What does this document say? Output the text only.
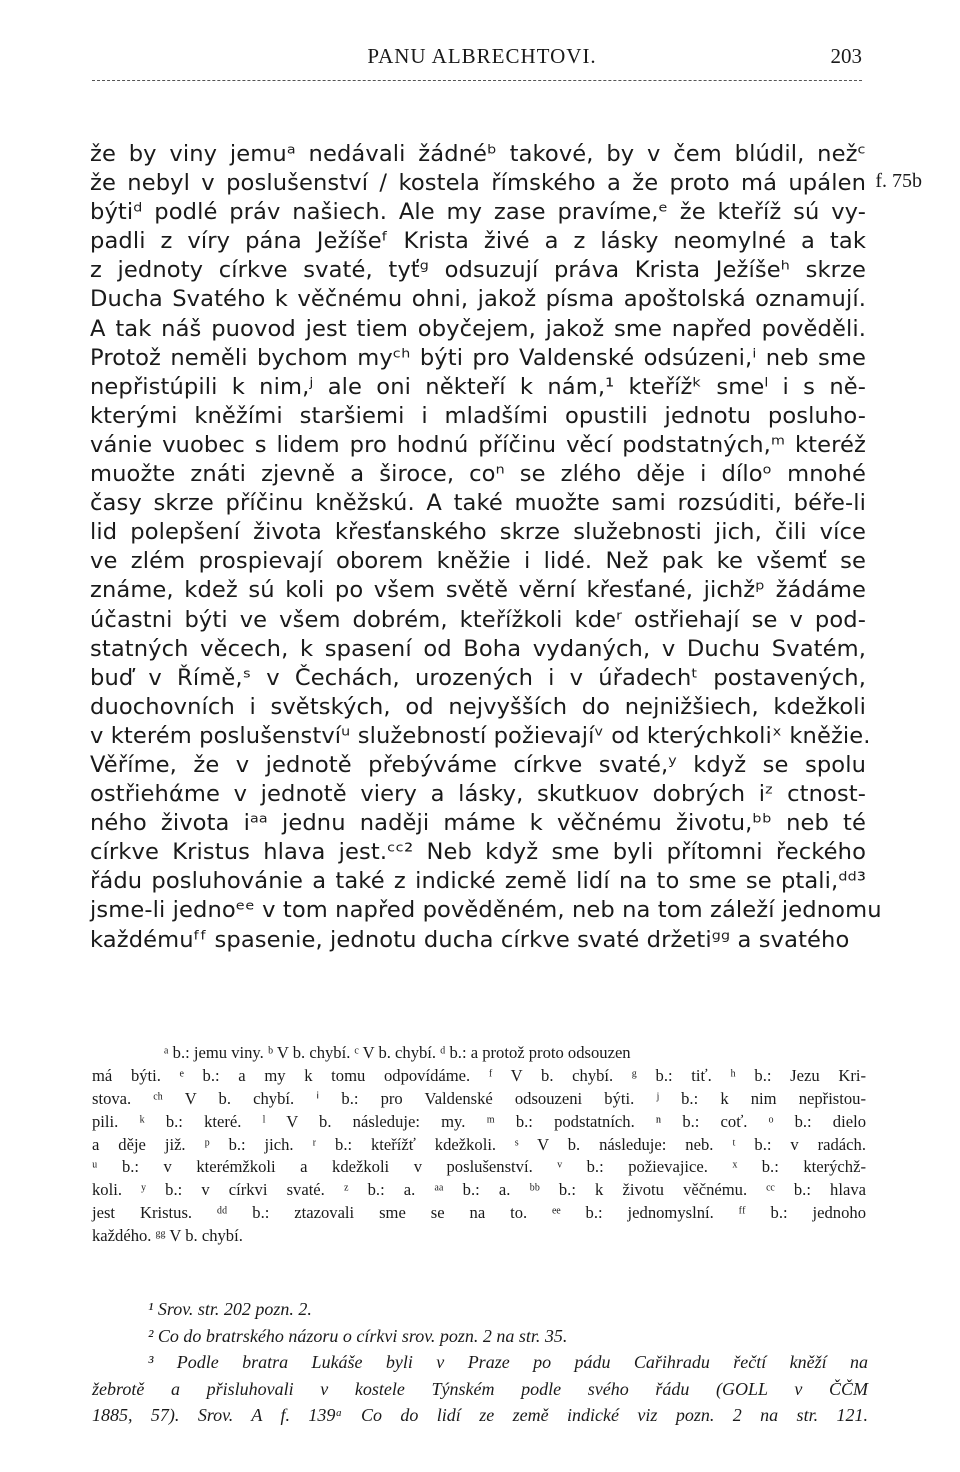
PANU ALBRECHTOVI.	203
f. 75b
že by viny jemuᵃ nedávali žádnéᵇ takové, by v čem blúdil, nežᶜ
že nebyl v poslušenství / kostela římského a že proto má upálen
býtiᵈ podlé práv našiech. Ale my zase pravíme,ᵉ že kteříž sú vy-
padli z víry pána Ježíšeᶠ Krista živé a z lásky neomylné a tak
z jednoty církve svaté, tyťᵍ odsuzují práva Krista Ježíšeʰ skrze
Ducha Svatého k věčnému ohni, jakož písma apoštolská oznamují.
A tak náš puovod jest tiem obyčejem, jakož sme napřed pověděli.
Protož neměli bychom myᶜʰ býti pro Valdenské odsúzeni,ⁱ neb sme
nepřistúpili k nim,ʲ ale oni někteří k nám,¹ kteřížᵏ smeˡ i s ně-
kterými kněžími staršiemi i mladšími opustili jednotu posluho-
vánie vuobec s lidem pro hodnú příčinu věcí podstatných,ᵐ kteréž
muožte znáti zjevně a široce, coⁿ se zlého děje i díloᵒ mnohé
časy skrze příčinu kněžskú. A také muožte sami rozsúditi, béře-li
lid polepšení života křesťanského skrze služebnosti jich, čili více
ve zlém prospievají oborem kněžie i lidé. Než pak ke všemť se
známe, kdež sú koli po všem světě věrní křesťané, jichžᵖ žádáme
účastni býti ve všem dobrém, kteřížkoli kdeʳ ostřiehají se v pod-
statných věcech, k spasení od Boha vydaných, v Duchu Svatém,
buď v Římě,ˢ v Čechách, urozených i v úřadechᵗ postavených,
duochovních i světských, od nejvyšších do nejnižšiech, kdežkoli
v kterém poslušenstvíᵘ služebností požievajíᵛ od kterýchkoliˣ kněžie.
Věříme, že v jednotě přebýváme církve svaté,ʸ když se spolu
ostřiehάme v jednotě viery a lásky, skutkuov dobrých iᶻ ctnost-
ného života iᵃᵃ jednu naději máme k věčnému životu,ᵇᵇ neb té
církve Kristus hlava jest.ᶜᶜ² Neb když sme byli přítomni řeckého
řádu posluhovánie a také z indické země lidí na to sme se ptali,ᵈᵈ³
jsme-li jednoᵉᵉ v tom napřed pověděném, neb na tom záleží jednomu
každémuᶠᶠ spasenie, jednotu ducha církve svaté držetiᵍᵍ a svatého
ᵃ b.: jemu viny. ᵇ V b. chybí. ᶜ V b. chybí. ᵈ b.: a protož proto odsouzen
má býti. ᵉ b.: a my k tomu odpovídáme. ᶠ V b. chybí. ᵍ b.: tiť. ʰ b.: Jezu Kri-
stova. ᶜʰ V b. chybí. ⁱ b.: pro Valdenské odsouzeni býti. ʲ b.: k nim nepřistou-
pili. ᵏ b.: které. ˡ V b. následuje: my. ᵐ b.: podstatních. ⁿ b.: coť. ᵒ b.: dielo
a děje již. ᵖ b.: jich. ʳ b.: kteřížť kdežkoli. ˢ V b. následuje: neb. ᵗ b.: v radách.
ᵘ b.: v kterémžkoli a kdežkoli v poslušenství. ᵛ b.: požievajice. ˣ b.: kterýchž-
koli. ʸ b.: v církvi svaté. ᶻ b.: a. ᵃᵃ b.: a. ᵇᵇ b.: k životu věčnému. ᶜᶜ b.: hlava
jest Kristus. ᵈᵈ b.: ztazovali sme se na to. ᵉᵉ b.: jednomyslní. ᶠᶠ b.: jednoho
každého. ᵍᵍ V b. chybí.
¹ Srov. str. 202 pozn. 2.
² Co do bratrského názoru o církvi srov. pozn. 2 na str. 35.
³ Podle bratra Lukáše byli v Praze po pádu Cařihradu řečtí kněží na
žebrotě a přisluhovali v kostele Týnském podle svého řádu (GOLL v ČČM
1885, 57). Srov. A f. 139ᵃ Co do lidí ze země indické viz pozn. 2 na str. 121.
